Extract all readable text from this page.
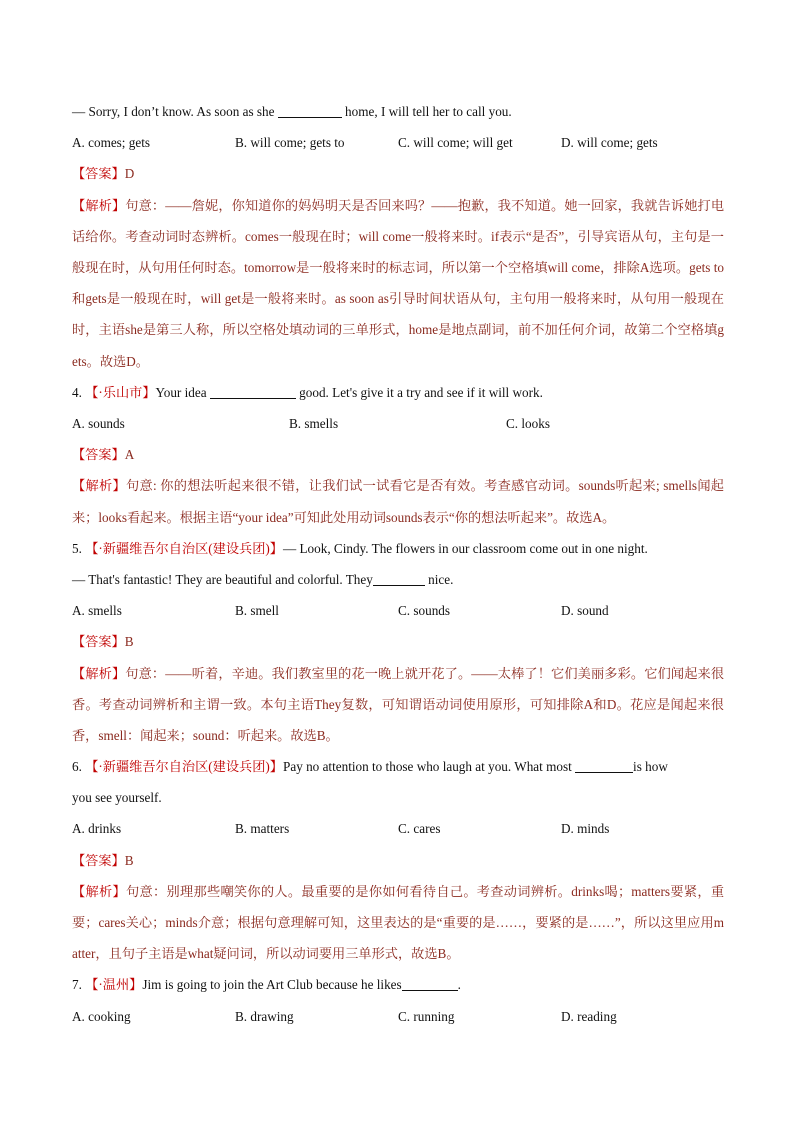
— Sorry, I don’t know. As soon as she	home, I will tell her to call you.
A. comes; gets	B. will come; gets to	C. will come; will get	D. will come; gets
【答案】D
【解析】句意：——詹妮，你知道你的妈妈明天是否回来吗？——抱歉，我不知道。她一回家，我就告诉她打电话给你。考查动词时态辨析。comes一般现在时；will come一般将来时。if表示“是否”，引导宾语从句，主句是一般现在时，从句用任何时态。tomorrow是一般将来时的标志词，所以第一个空格填will come，排除A选项。gets to和gets是一般现在时，will get是一般将来时。as soon as引导时间状语从句，主句用一般将来时，从句用一般现在时，主语she是第三人称，所以空格处填动词的三单形式，home是地点副词，前不加任何介词，故第二个空格填gets。故选D。
4. 【·乐山市】Your idea	good. Let's give it a try and see if it will work.
A. sounds	B. smells	C. looks
【答案】A
【解析】句意: 你的想法听起来很不错，让我们试一试看它是否有效。考查感官动词。sounds听起来; smells闻起来；looks看起来。根据主语“your idea”可知此处用动词sounds表示“你的想法听起来”。故选A。
5. 【·新疆维吾尔自治区(建设兵团)】— Look, Cindy. The flowers in our classroom come out in one night.
— That's fantastic! They are beautiful and colorful. They	nice.
A. smells	B. smell	C. sounds	D. sound
【答案】B
【解析】句意：——听着，辛迪。我们教室里的花一晚上就开花了。——太棒了！它们美丽多彩。它们闻起来很香。考查动词辨析和主谓一致。本句主语They复数，可知谓语动词使用原形，可知排除A和D。花应是闻起来很香，smell：闻起来；sound：听起来。故选B。
6. 【·新疆维吾尔自治区(建设兵团)】Pay no attention to those who laugh at you. What most	is how
you see yourself.
A. drinks	B. matters	C. cares	D. minds
【答案】B
【解析】句意：别理那些嘲笑你的人。最重要的是你如何看待自己。考查动词辨析。drinks喝；matters要紧，重要；cares关心；minds介意；根据句意理解可知，这里表达的是“重要的是……，要紧的是……”，所以这里应用matter，且句子主语是what疑问词，所以动词要用三单形式，故选B。
7. 【·温州】Jim is going to join the Art Club because he likes	.
A. cooking	B. drawing	C. running	D. reading
